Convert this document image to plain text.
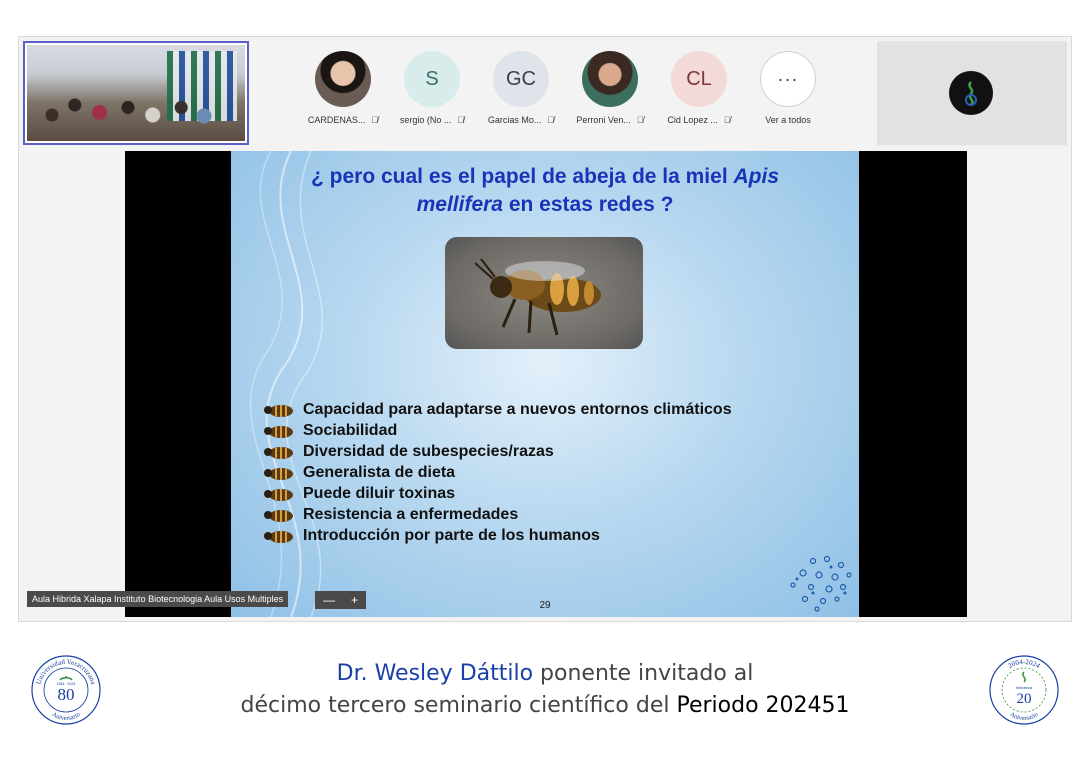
CARDENAS... 🎙̸
S
sergio (No ... 🎙̸
GC
Garcias Mo... 🎙̸ Perroni Ven... 🎙̸
CL
Cid Lopez ... 🎙̸
···
Ver a todos
¿ pero cual es el papel de abeja de la miel Apis
mellifera en estas redes ?
Capacidad para adaptarse a nuevos entornos climáticos
Sociabilidad
Diversidad de subespecies/razas
Generalista de dieta
Puede diluir toxinas
Resistencia a enfermedades
Introducción por parte de los humanos
29
Aula Hibrida Xalapa Instituto Biotecnologia Aula Usos Multiples	—	+
Universidad Veracruzana
Aniversario
1944 · 2024
80
Dr. Wesley Dáttilo ponente invitado al
décimo tercero seminario científico del Periodo 202451
2004-2024
Aniversario
Inbioteca
20
